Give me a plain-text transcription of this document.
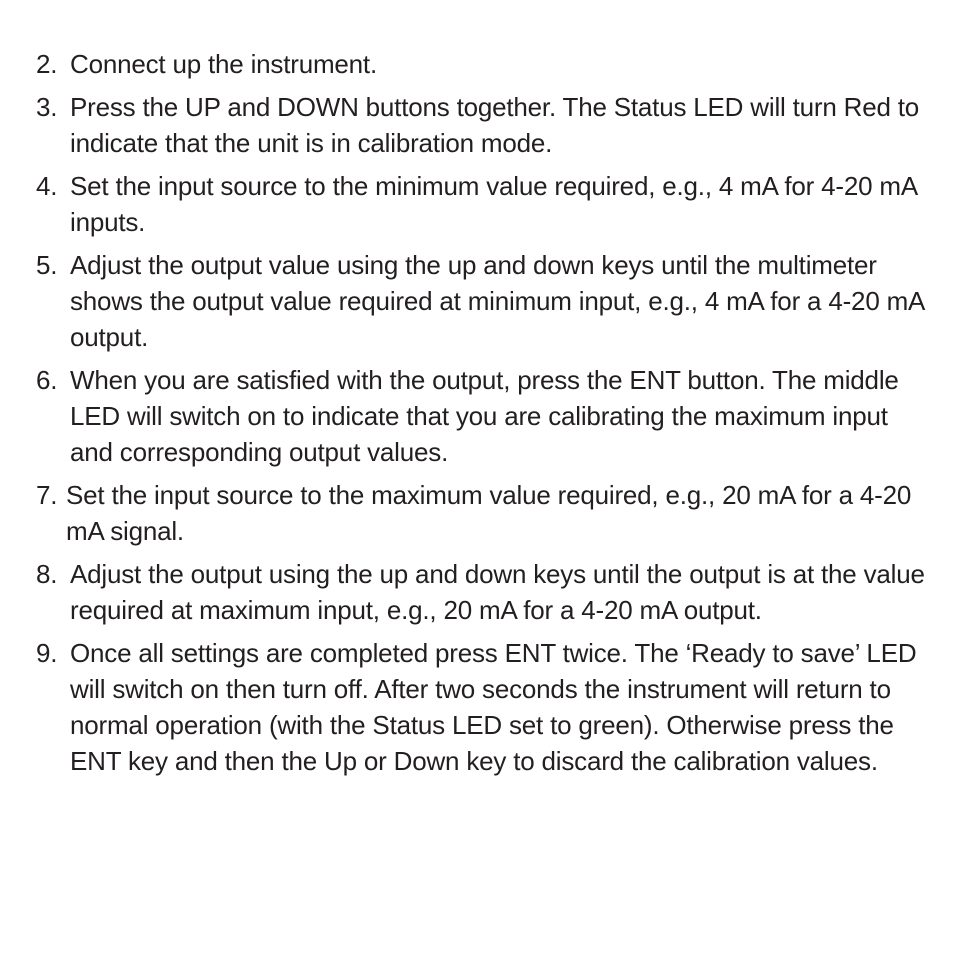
2. Connect up the instrument.
3. Press the UP and DOWN buttons together. The Status LED will turn Red to indicate that the unit is in calibration mode.
4. Set the input source to the minimum value required, e.g., 4 mA for 4-20 mA inputs.
5. Adjust the output value using the up and down keys until the multimeter shows the output value required at minimum input, e.g., 4 mA for a 4-20 mA output.
6. When you are satisfied with the output, press the ENT button. The middle LED will switch on to indicate that you are calibrating the maximum input and corresponding output values.
7. Set the input source to the maximum value required, e.g., 20 mA for a 4-20 mA signal.
8. Adjust the output using the up and down keys until the output is at the value required at maximum input, e.g., 20 mA for a 4-20 mA output.
9. Once all settings are completed press ENT twice. The ‘Ready to save’ LED will switch on then turn off. After two seconds the instrument will return to normal operation (with the Status LED set to green). Otherwise press the ENT key and then the Up or Down key to discard the calibration values.
